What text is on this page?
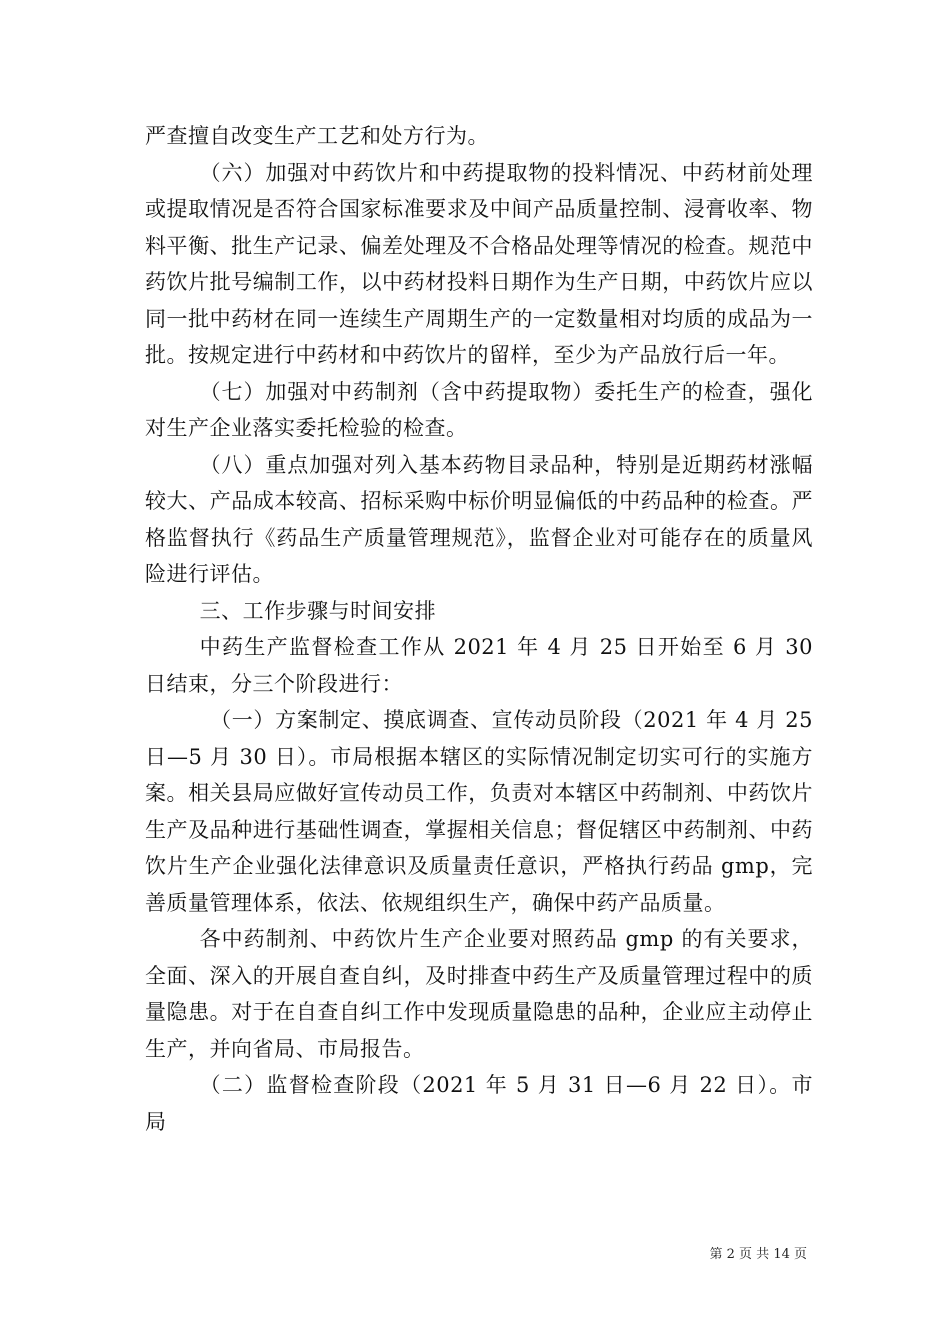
严查擅自改变生产工艺和处方行为。

（六）加强对中药饮片和中药提取物的投料情况、中药材前处理或提取情况是否符合国家标准要求及中间产品质量控制、浸膏收率、物料平衡、批生产记录、偏差处理及不合格品处理等情况的检查。规范中药饮片批号编制工作，以中药材投料日期作为生产日期，中药饮片应以同一批中药材在同一连续生产周期生产的一定数量相对均质的成品为一批。按规定进行中药材和中药饮片的留样，至少为产品放行后一年。

（七）加强对中药制剂（含中药提取物）委托生产的检查，强化对生产企业落实委托检验的检查。

（八）重点加强对列入基本药物目录品种，特别是近期药材涨幅较大、产品成本较高、招标采购中标价明显偏低的中药品种的检查。严格监督执行《药品生产质量管理规范》，监督企业对可能存在的质量风险进行评估。

三、工作步骤与时间安排

中药生产监督检查工作从 2021 年 4 月 25 日开始至 6 月 30 日结束，分三个阶段进行：

（一）方案制定、摸底调查、宣传动员阶段（2021 年 4 月 25 日—5 月 30 日）。市局根据本辖区的实际情况制定切实可行的实施方案。相关县局应做好宣传动员工作，负责对本辖区中药制剂、中药饮片生产及品种进行基础性调查，掌握相关信息；督促辖区中药制剂、中药饮片生产企业强化法律意识及质量责任意识，严格执行药品 gmp，完善质量管理体系，依法、依规组织生产，确保中药产品质量。

各中药制剂、中药饮片生产企业要对照药品 gmp 的有关要求，全面、深入的开展自查自纠，及时排查中药生产及质量管理过程中的质量隐患。对于在自查自纠工作中发现质量隐患的品种，企业应主动停止生产，并向省局、市局报告。

（二）监督检查阶段（2021 年 5 月 31 日—6 月 22 日）。市局

第 2 页 共 14 页
